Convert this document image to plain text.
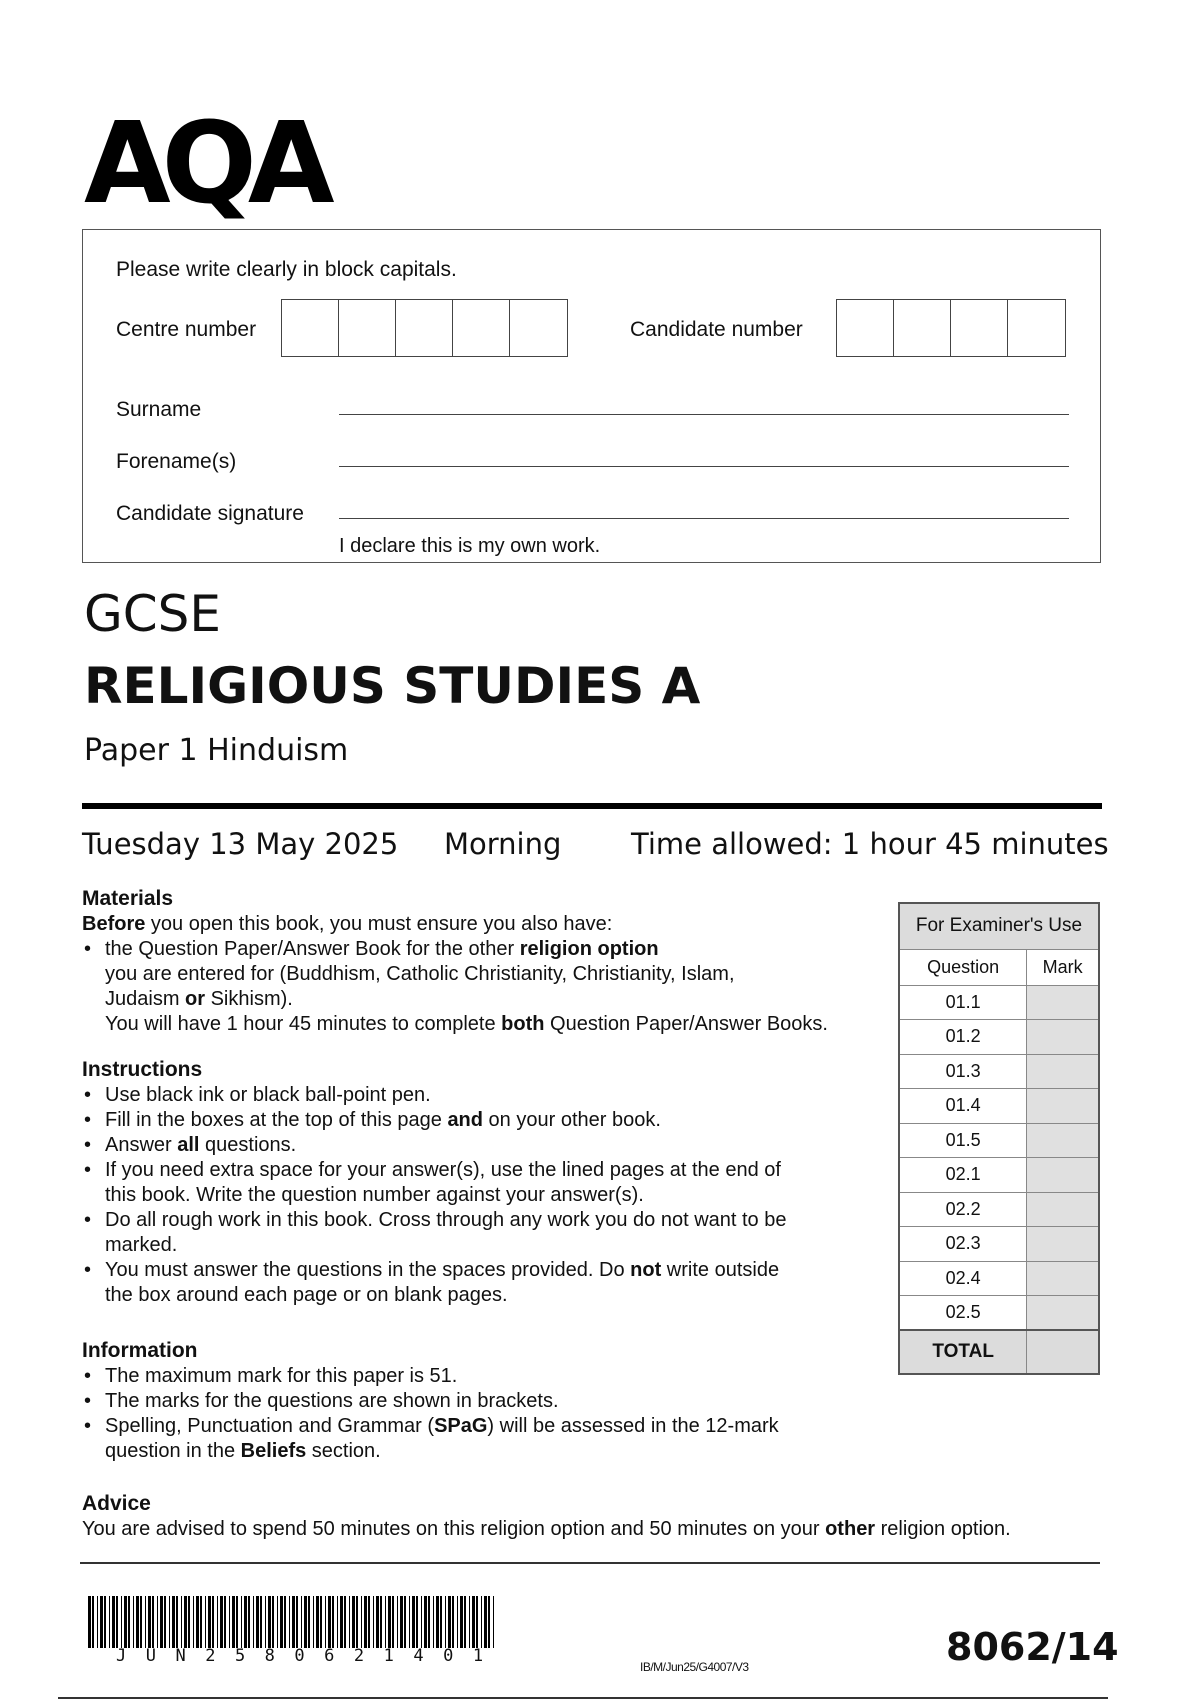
AQA
Please write clearly in block capitals.
Centre number	Candidate number
Surname
Forename(s)
Candidate signature
I declare this is my own work.
GCSE
RELIGIOUS STUDIES A
Paper 1 Hinduism
Tuesday 13 May 2025 Morning Time allowed: 1 hour 45 minutes
Materials
Before you open this book, you must ensure you also have:
• the Question Paper/Answer Book for the other religion option
you are entered for (Buddhism, Catholic Christianity, Christianity, Islam,
Judaism or Sikhism).
You will have 1 hour 45 minutes to complete both Question Paper/Answer Books.
Instructions
• Use black ink or black ball-point pen.
• Fill in the boxes at the top of this page and on your other book.
• Answer all questions.
• If you need extra space for your answer(s), use the lined pages at the end of
this book. Write the question number against your answer(s).
• Do all rough work in this book. Cross through any work you do not want to be
marked.
• You must answer the questions in the spaces provided. Do not write outside
the box around each page or on blank pages.
Information
• The maximum mark for this paper is 51.
• The marks for the questions are shown in brackets.
• Spelling, Punctuation and Grammar (SPaG) will be assessed in the 12-mark
question in the Beliefs section.
Advice
You are advised to spend 50 minutes on this religion option and 50 minutes on your other religion option.
For Examiner's Use	
Question	Mark
01.1	
01.2	
01.3	
01.4	
01.5	
02.1	
02.2	
02.3	
02.4	
02.5	
TOTAL	
JUN2580621401
IB/M/Jun25/G4007/V3	8062/14
